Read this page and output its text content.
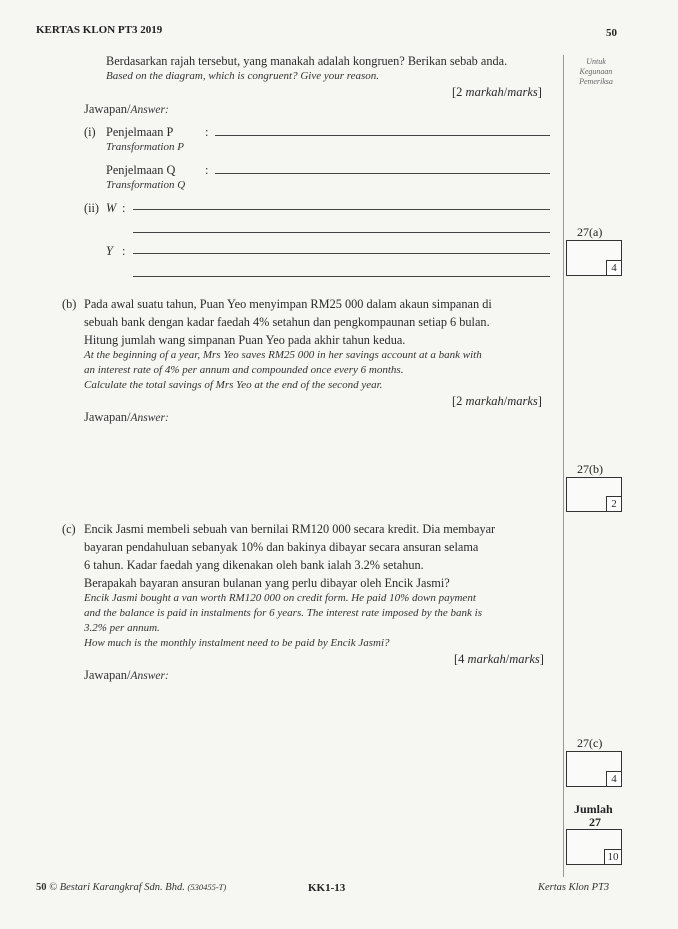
KERTAS KLON PT3 2019	50
Untuk
Kegunaan
Pemeriksa
Berdasarkan rajah tersebut, yang manakah adalah kongruen? Berikan sebab anda.
Based on the diagram, which is congruent? Give your reason.
[2 markah/marks]
Jawapan/Answer:
(i) Penjelmaan P
Transformation P
:
Penjelmaan Q
Transformation Q
:
(ii) W :
Y :
27(a)
4
(b) Pada awal suatu tahun, Puan Yeo menyimpan RM25 000 dalam akaun simpanan di
sebuah bank dengan kadar faedah 4% setahun dan pengkompaunan setiap 6 bulan.
Hitung jumlah wang simpanan Puan Yeo pada akhir tahun kedua.
At the beginning of a year, Mrs Yeo saves RM25 000 in her savings account at a bank with
an interest rate of 4% per annum and compounded once every 6 months.
Calculate the total savings of Mrs Yeo at the end of the second year.
[2 markah/marks]
Jawapan/Answer:
27(b)
2
(c) Encik Jasmi membeli sebuah van bernilai RM120 000 secara kredit. Dia membayar
bayaran pendahuluan sebanyak 10% dan bakinya dibayar secara ansuran selama
6 tahun. Kadar faedah yang dikenakan oleh bank ialah 3.2% setahun.
Berapakah bayaran ansuran bulanan yang perlu dibayar oleh Encik Jasmi?
Encik Jasmi bought a van worth RM120 000 on credit form. He paid 10% down payment
and the balance is paid in instalments for 6 years. The interest rate imposed by the bank is
3.2% per annum.
How much is the monthly instalment need to be paid by Encik Jasmi?
[4 markah/marks]
Jawapan/Answer:
27(c)
4
Jumlah
27
10
50 © Bestari Karangkraf Sdn. Bhd. (530455-T)	KK1-13	Kertas Klon PT3
